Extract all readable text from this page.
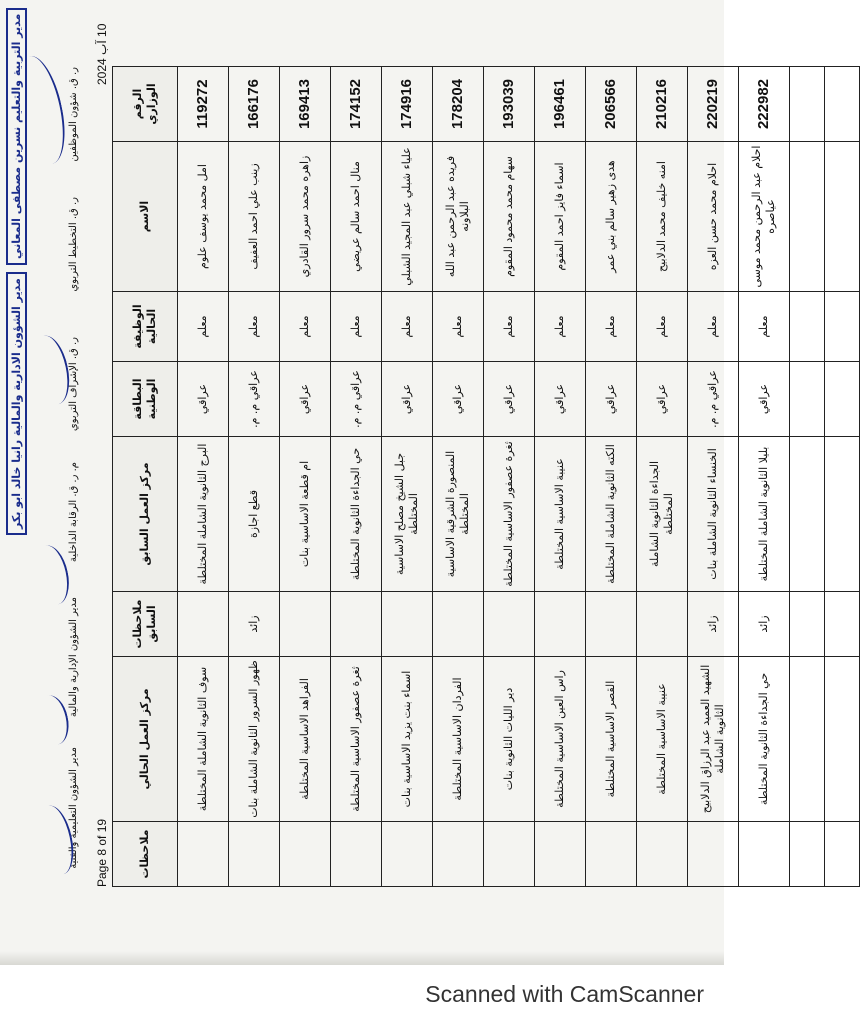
ر. ق. شؤون الموظفين
ر. ق. التخطيط التربوي
ر. ق. الإشراف التربوي
م. ر. ق. الرقابة الداخلية
مدير الشؤون الإدارية والمالية
مدير الشؤون التعليمية والفنية
مدير الشؤون الادارية والمالية رانيا خالد ابو بكر
مدير التربية والتعليم نسرين مصطفى المعاني
Page 8 of 19
10 آب 2024
الرقم الوزاري	الاسم	الوظيفة الحالية	البطاقة الوطنية	مركز العمل السابق	ملاحظات السابق	مركز العمل الحالي	ملاحظات
119272	امل محمد يوسف علوم	معلم	عراقي	البرج الثانوية الشاملة المختلطة		سوف الثانوية الشاملة المختلطة	
166176	زينب علي احمد العفيف	معلم	عراقي م. م.	قطع اجازة	زائد	ظهور السرور الثانوية الشاملة بنات	
169413	زاهره محمد سرور القادري	معلم	عراقي	ام قطعة الاساسية بنات		الفراهد الاساسية المختلطة	
174152	منال احمد سالم عريضي	معلم	عراقي م. م.	حي الجداءة الثانوية المختلطة		ثغرة عصفور الاساسية المختلطة	
174916	علياء شبلي عبد المجيد الشبلي	معلم	عراقي	جبل الشيخ مصلح الاساسية المختلطة		اسماء بنت يزيد الاساسية بنات	
178204	فريده عبد الرحمن عبد الله البلاونه	معلم	عراقي	المنصورة الشرقية الاساسية المختلطة		الفردان الاساسية المختلطة	
193039	سهام محمد محمود المقوم	معلم	عراقي	ثغرة عصفور الاساسية المختلطة		دير الليات الثانوية بنات	
196461	اسماء فايز احمد المقوم	معلم	عراقي	عنيبة الاساسية المختلطة		راس العين الاساسية المختلطة	
206566	هدى زهير سالم بني عمر	معلم	عراقي	الكته الثانوية الشاملة المختلطة		القصر الاساسية المختلطة	
210216	امنه خليف محمد الدلابيح	معلم	عراقي	الجداءة الثانوية الشاملة المختلطة		عنيبة الاساسية المختلطة	
220219	احلام محمد حسن العزه	معلم	عراقي م. م.	الخنساء الثانوية الشاملة بنات	زائد	الشهيد العميد عبد الرزاق الدلابيح الثانوية الشاملة	
222982	احلام عبد الرحمن محمد موسى عياصره	معلم	عراقي	بليلا الثانوية الشاملة المختلطة	زائد	حي الجداءة الثانوية المختلطة	

Scanned with CamScanner
